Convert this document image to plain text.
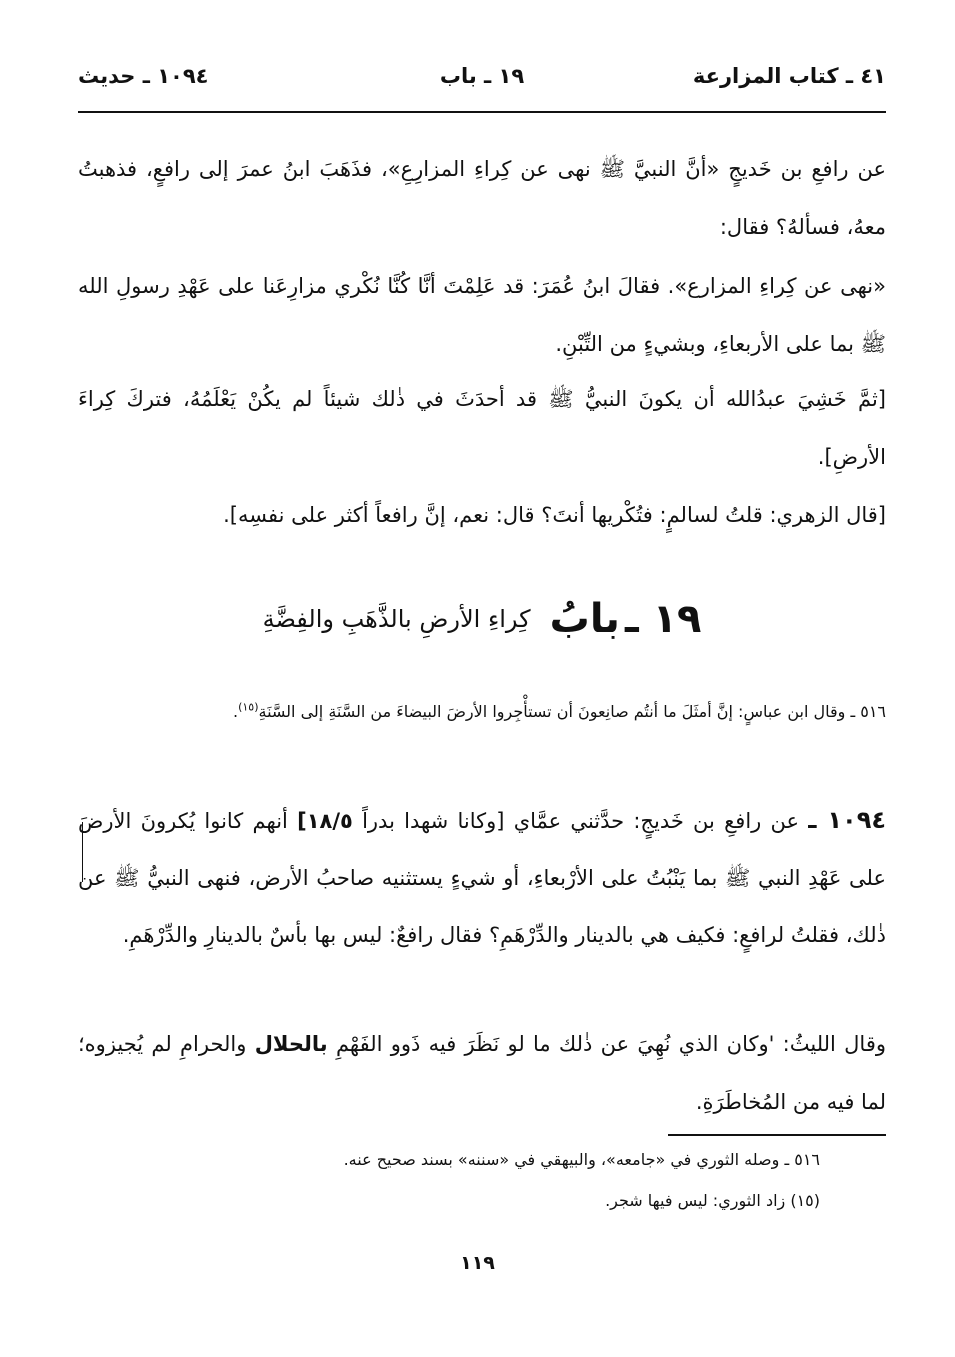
٤١ ـ كتاب المزارعة
١٩ ـ باب
١٠٩٤ ـ حديث
عن رافعِ بن خَديجٍ «أنَّ النبيَّ ﷺ نهى عن كِراءِ المزارِعِ»، فذَهَبَ ابنُ عمرَ إلى رافعٍ، فذهبتُ معهُ، فسألهُ؟ فقال:
«نهى عن كِراءِ المزارع». فقالَ ابنُ عُمَرَ: قد عَلِمْتَ أنَّا كُنَّا نُكْري مزارِعَنا على عَهْدِ رسولِ الله ﷺ بما على الأربعاءِ، وبشيءٍ من التِّبْنِ.
[ثمَّ خَشِيَ عبدُالله أن يكونَ النبيُّ ﷺ قد أحدَثَ في ذٰلك شيئاً لم يكُنْ يَعْلَمُهُ، فتركَ كِراءَ الأرضِ].
[قال الزهري: قلتُ لسالمٍ: فتُكْريها أنتَ؟ قال: نعم، إنَّ رافعاً أكثر على نفسِه].
١٩ ـ بابُ كِراءِ الأرضِ بالذَّهَبِ والفِضَّةِ
٥١٦ ـ وقال ابن عباسٍ: إنَّ أمثَلَ ما أنتُم صانِعونَ أن تستأْجِروا الأرضَ البيضاءَ من السَّنَةِ إلى السَّنَةِ$^{(١٥)}$.
١٠٩٤ ـ عن رافعِ بن خَديجٍ: حدَّثني عمَّاي [وكانا شهدا بدراً ١٨/٥] أنهم كانوا يُكرونَ الأرضَ على عَهْدِ النبي ﷺ بما يَنْبُتُ على الأرْبعاءِ، أو شيءٍ يستثنيه صاحبُ الأرض، فنهى النبيُّ ﷺ عن ذٰلك، فقلتُ لرافعٍ: فكيف هي بالدينار والدِّرْهَمِ؟ فقال رافعٌ: ليس بها بأسٌ بالدينارِ والدِّرْهَمِ.
وقال الليثُ: 'وكان الذي نُهِيَ عن ذٰلك ما لو نَظَرَ فيه ذَوو الفَهْمِ بالحلال والحرامِ لم يُجيزوه؛ لما فيه من المُخاطَرَةِ.
٥١٦ ـ وصله الثوري في «جامعه»، والبيهقي في «سننه» بسند صحيح عنه.
(١٥) زاد الثوري: ليس فيها شجر.
١١٩
